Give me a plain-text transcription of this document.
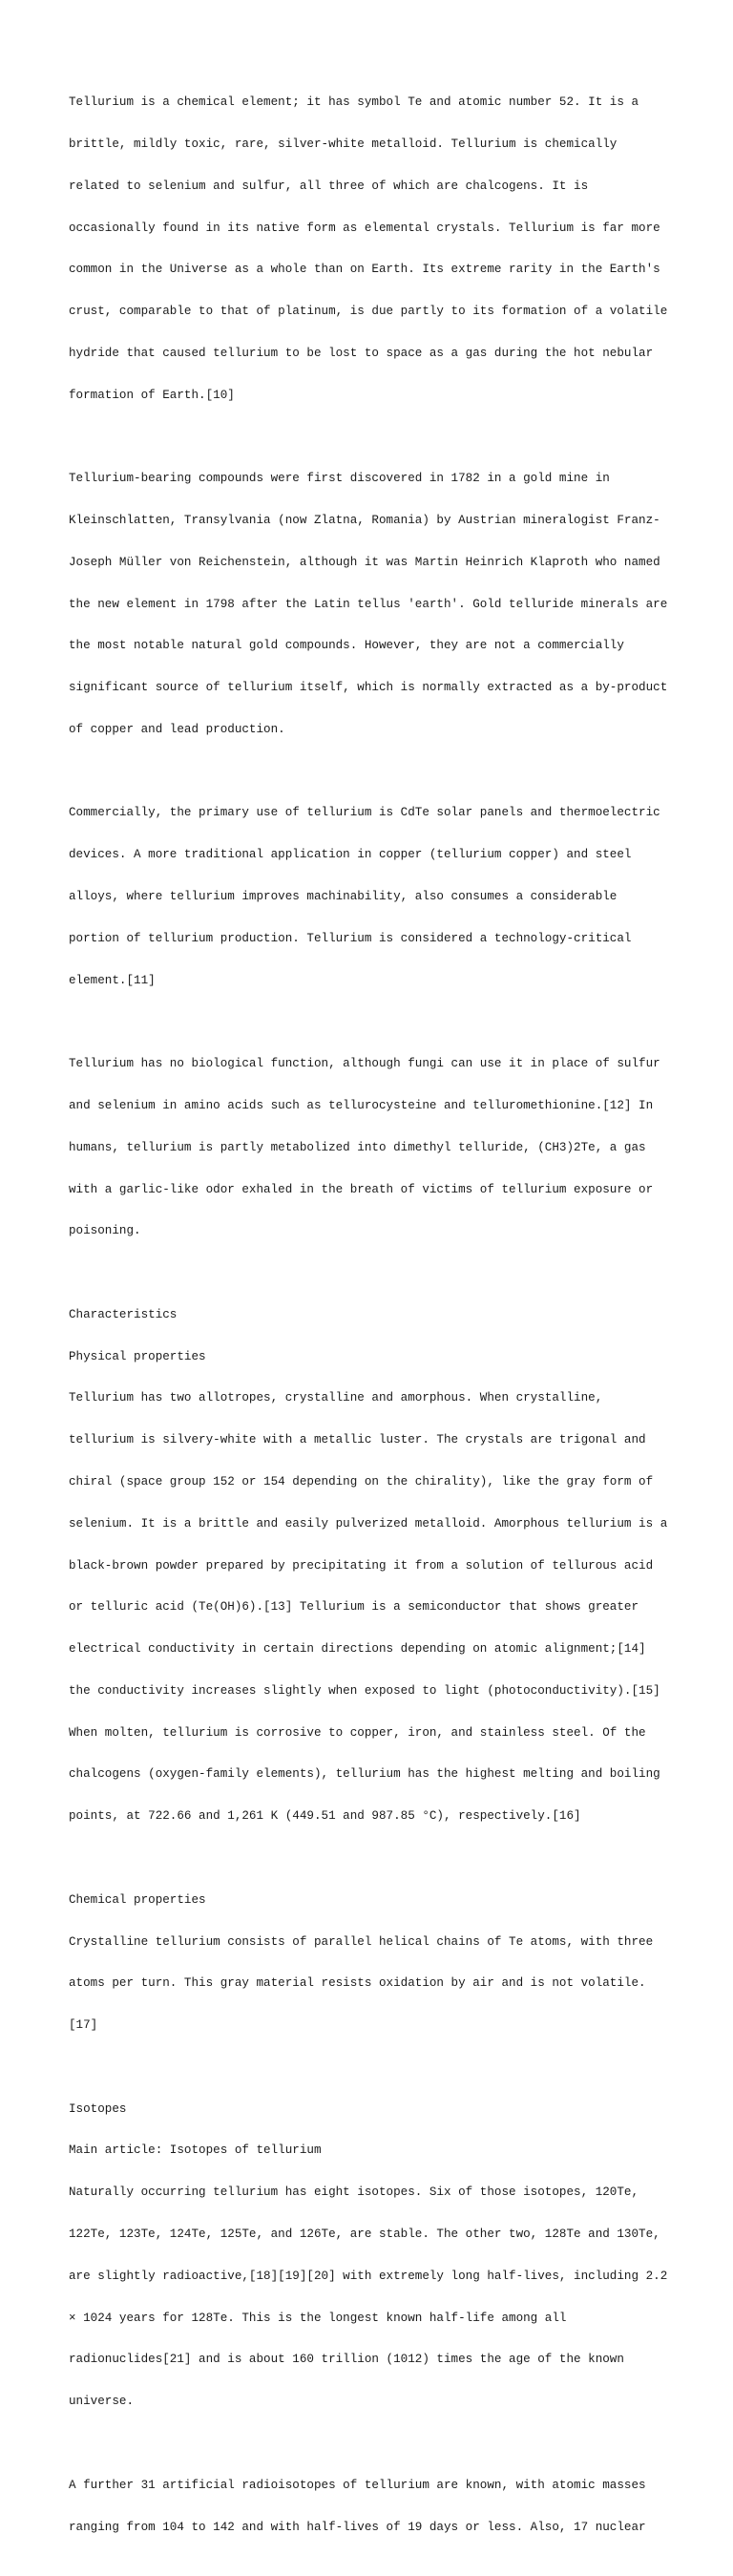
Tellurium is a chemical element; it has symbol Te and atomic number 52. It is a

brittle, mildly toxic, rare, silver-white metalloid. Tellurium is chemically

related to selenium and sulfur, all three of which are chalcogens. It is

occasionally found in its native form as elemental crystals. Tellurium is far more

common in the Universe as a whole than on Earth. Its extreme rarity in the Earth's

crust, comparable to that of platinum, is due partly to its formation of a volatile

hydride that caused tellurium to be lost to space as a gas during the hot nebular

formation of Earth.[10]

Tellurium-bearing compounds were first discovered in 1782 in a gold mine in

Kleinschlatten, Transylvania (now Zlatna, Romania) by Austrian mineralogist Franz-

Joseph Müller von Reichenstein, although it was Martin Heinrich Klaproth who named

the new element in 1798 after the Latin tellus 'earth'. Gold telluride minerals are

the most notable natural gold compounds. However, they are not a commercially

significant source of tellurium itself, which is normally extracted as a by-product

of copper and lead production.

Commercially, the primary use of tellurium is CdTe solar panels and thermoelectric

devices. A more traditional application in copper (tellurium copper) and steel

alloys, where tellurium improves machinability, also consumes a considerable

portion of tellurium production. Tellurium is considered a technology-critical

element.[11]

Tellurium has no biological function, although fungi can use it in place of sulfur

and selenium in amino acids such as tellurocysteine and telluromethionine.[12] In

humans, tellurium is partly metabolized into dimethyl telluride, (CH3)2Te, a gas

with a garlic-like odor exhaled in the breath of victims of tellurium exposure or

poisoning.

Characteristics

Physical properties

Tellurium has two allotropes, crystalline and amorphous. When crystalline,

tellurium is silvery-white with a metallic luster. The crystals are trigonal and

chiral (space group 152 or 154 depending on the chirality), like the gray form of

selenium. It is a brittle and easily pulverized metalloid. Amorphous tellurium is a

black-brown powder prepared by precipitating it from a solution of tellurous acid

or telluric acid (Te(OH)6).[13] Tellurium is a semiconductor that shows greater

electrical conductivity in certain directions depending on atomic alignment;[14]

the conductivity increases slightly when exposed to light (photoconductivity).[15]

When molten, tellurium is corrosive to copper, iron, and stainless steel. Of the

chalcogens (oxygen-family elements), tellurium has the highest melting and boiling

points, at 722.66 and 1,261 K (449.51 and 987.85 °C), respectively.[16]

Chemical properties

Crystalline tellurium consists of parallel helical chains of Te atoms, with three

atoms per turn. This gray material resists oxidation by air and is not volatile.

[17]

Isotopes

Main article: Isotopes of tellurium

Naturally occurring tellurium has eight isotopes. Six of those isotopes, 120Te,

122Te, 123Te, 124Te, 125Te, and 126Te, are stable. The other two, 128Te and 130Te,

are slightly radioactive,[18][19][20] with extremely long half-lives, including 2.2

× 1024 years for 128Te. This is the longest known half-life among all

radionuclides[21] and is about 160 trillion (1012) times the age of the known

universe.

A further 31 artificial radioisotopes of tellurium are known, with atomic masses

ranging from 104 to 142 and with half-lives of 19 days or less. Also, 17 nuclear
